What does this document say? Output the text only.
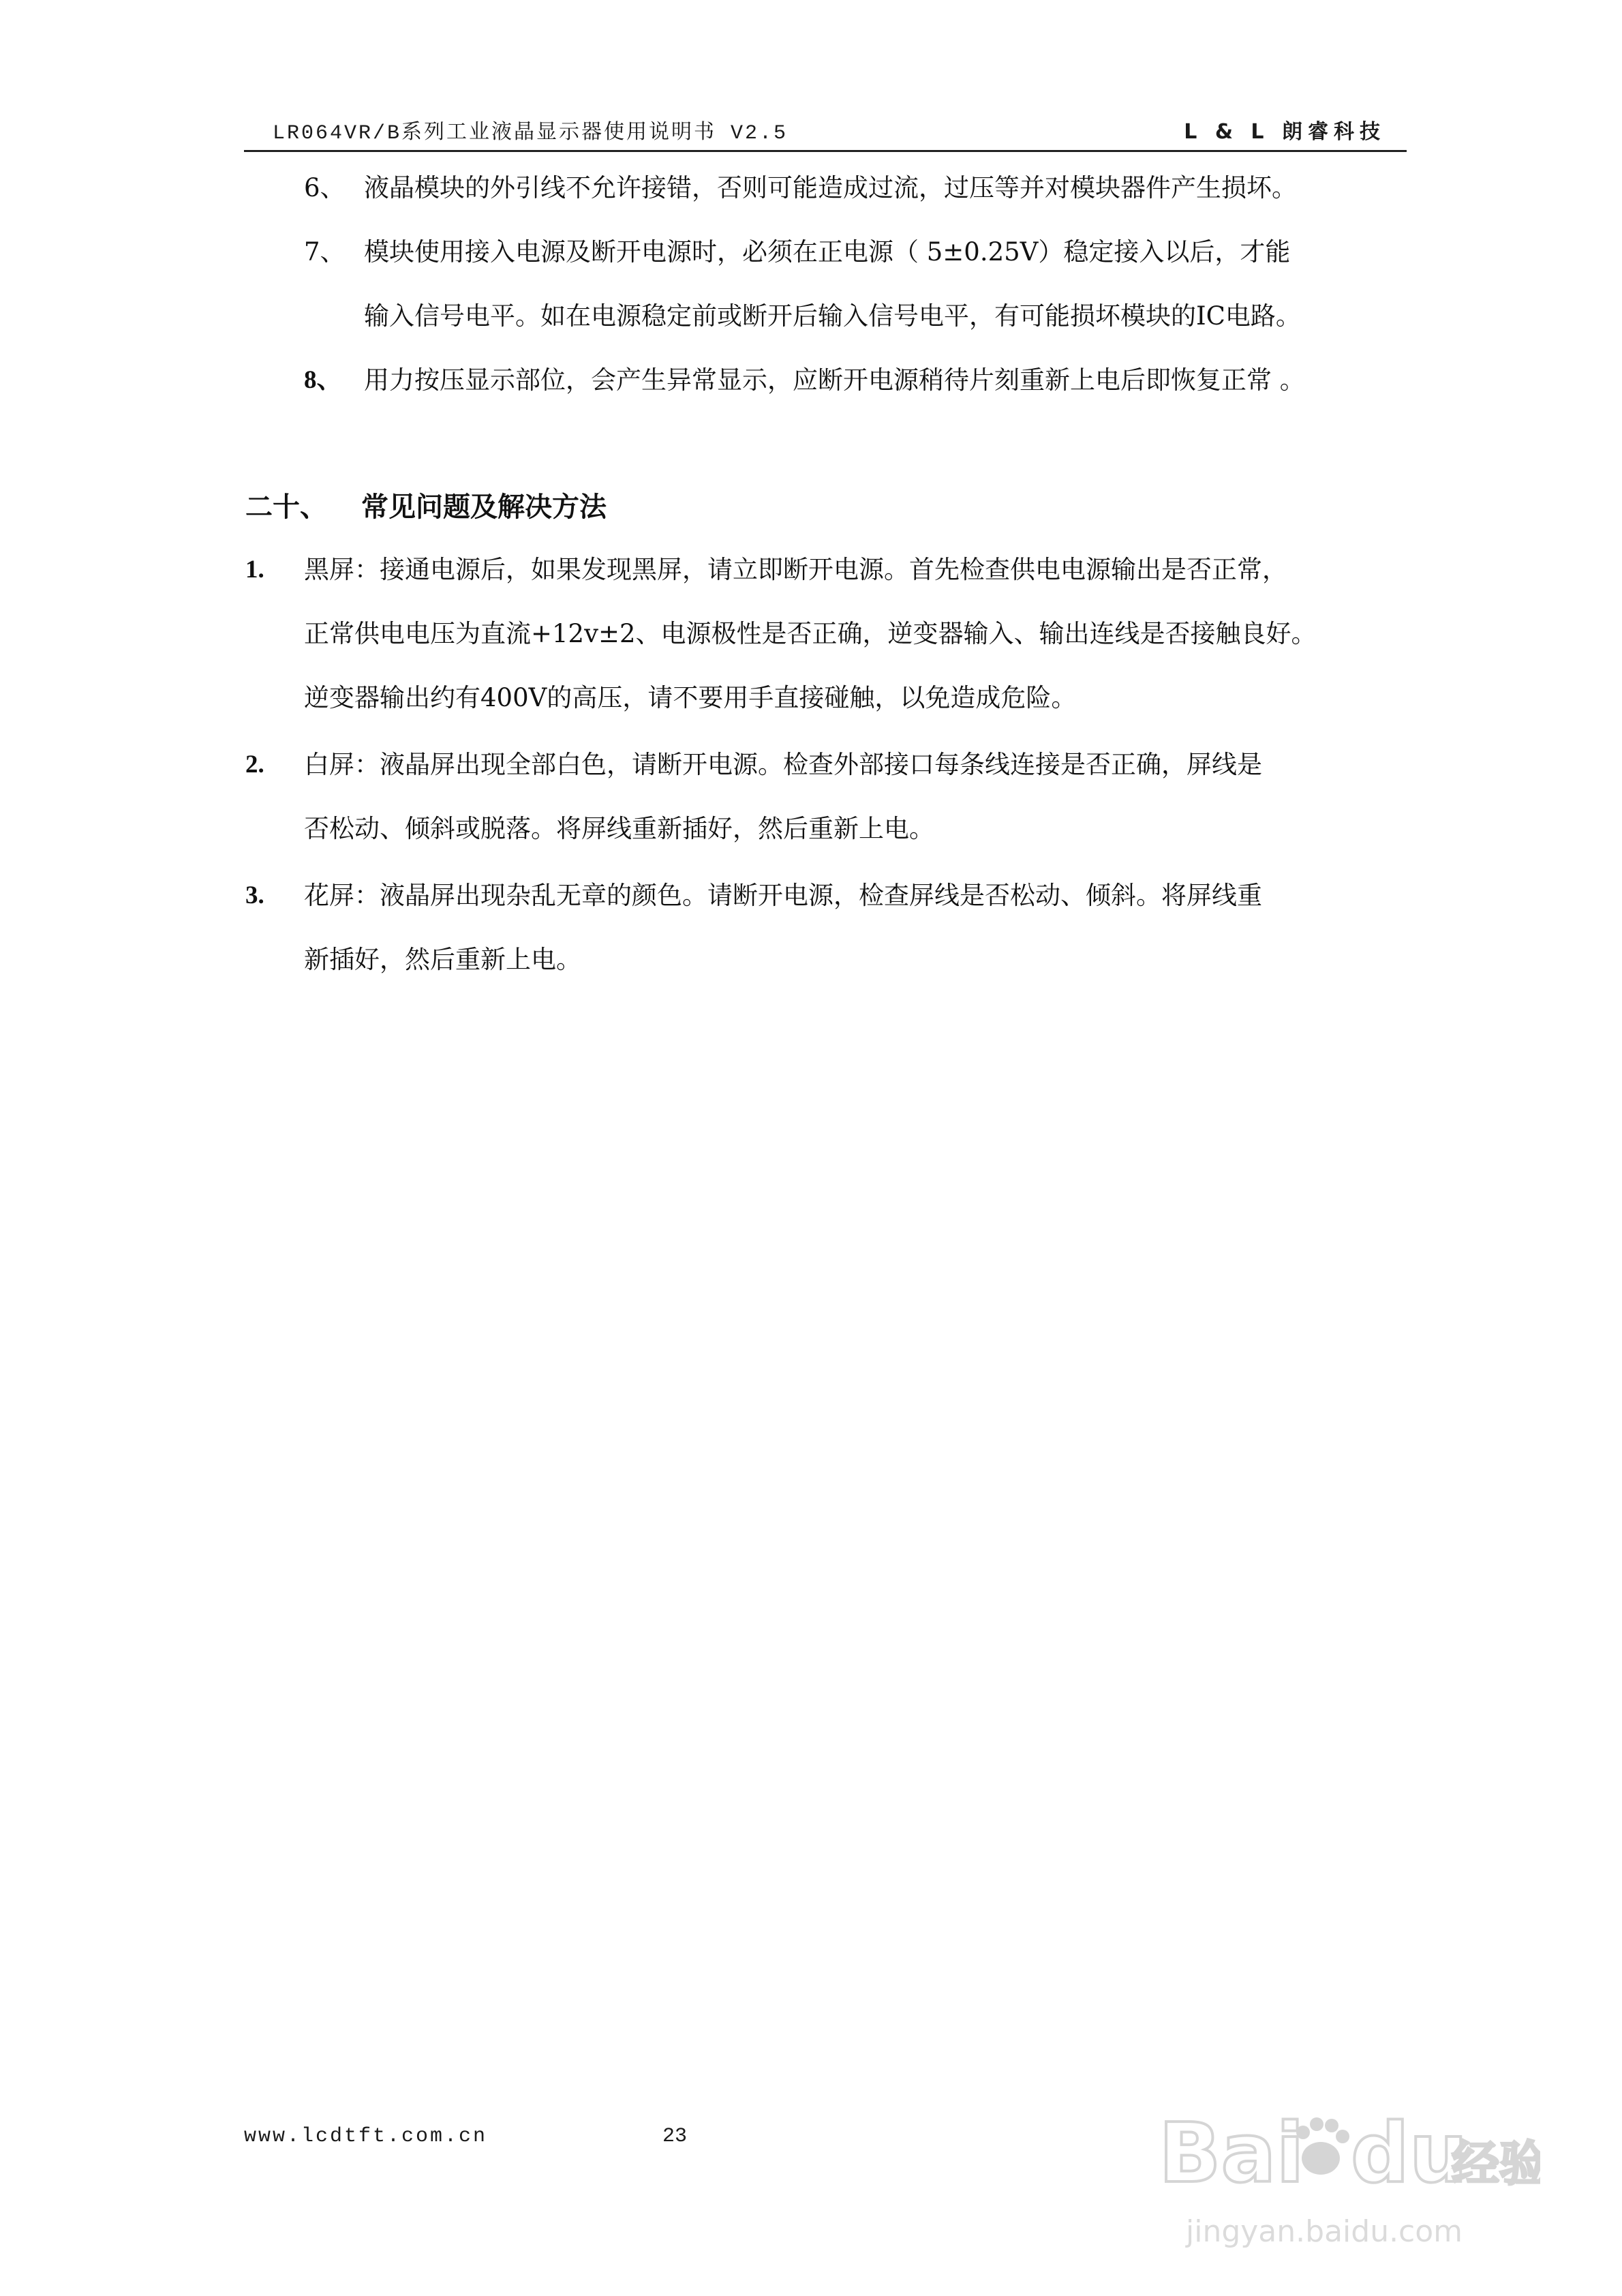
LR064VR/B系列工业液晶显示器使用说明书 V2.5	L & L 朗睿科技
6、 液晶模块的外引线不允许接错，否则可能造成过流，过压等并对模块器件产生损坏。
7、 模块使用接入电源及断开电源时，必须在正电源（ 5±0.25V）稳定接入以后，才能
输入信号电平。如在电源稳定前或断开后输入信号电平，有可能损坏模块的IC电路。
8、 用力按压显示部位，会产生异常显示，应断开电源稍待片刻重新上电后即恢复正常 。
二十、 常见问题及解决方法
1. 黑屏：接通电源后，如果发现黑屏，请立即断开电源。首先检查供电电源输出是否正常，
正常供电电压为直流+12v±2、电源极性是否正确，逆变器输入、输出连线是否接触良好。
逆变器输出约有400V的高压，请不要用手直接碰触，以免造成危险。
2. 白屏：液晶屏出现全部白色，请断开电源。检查外部接口每条线连接是否正确，屏线是
否松动、倾斜或脱落。将屏线重新插好，然后重新上电。
3. 花屏：液晶屏出现杂乱无章的颜色。请断开电源，检查屏线是否松动、倾斜。将屏线重
新插好，然后重新上电。
www.lcdtft.com.cn	23	Bai du
经验
jingyan.baidu.com
